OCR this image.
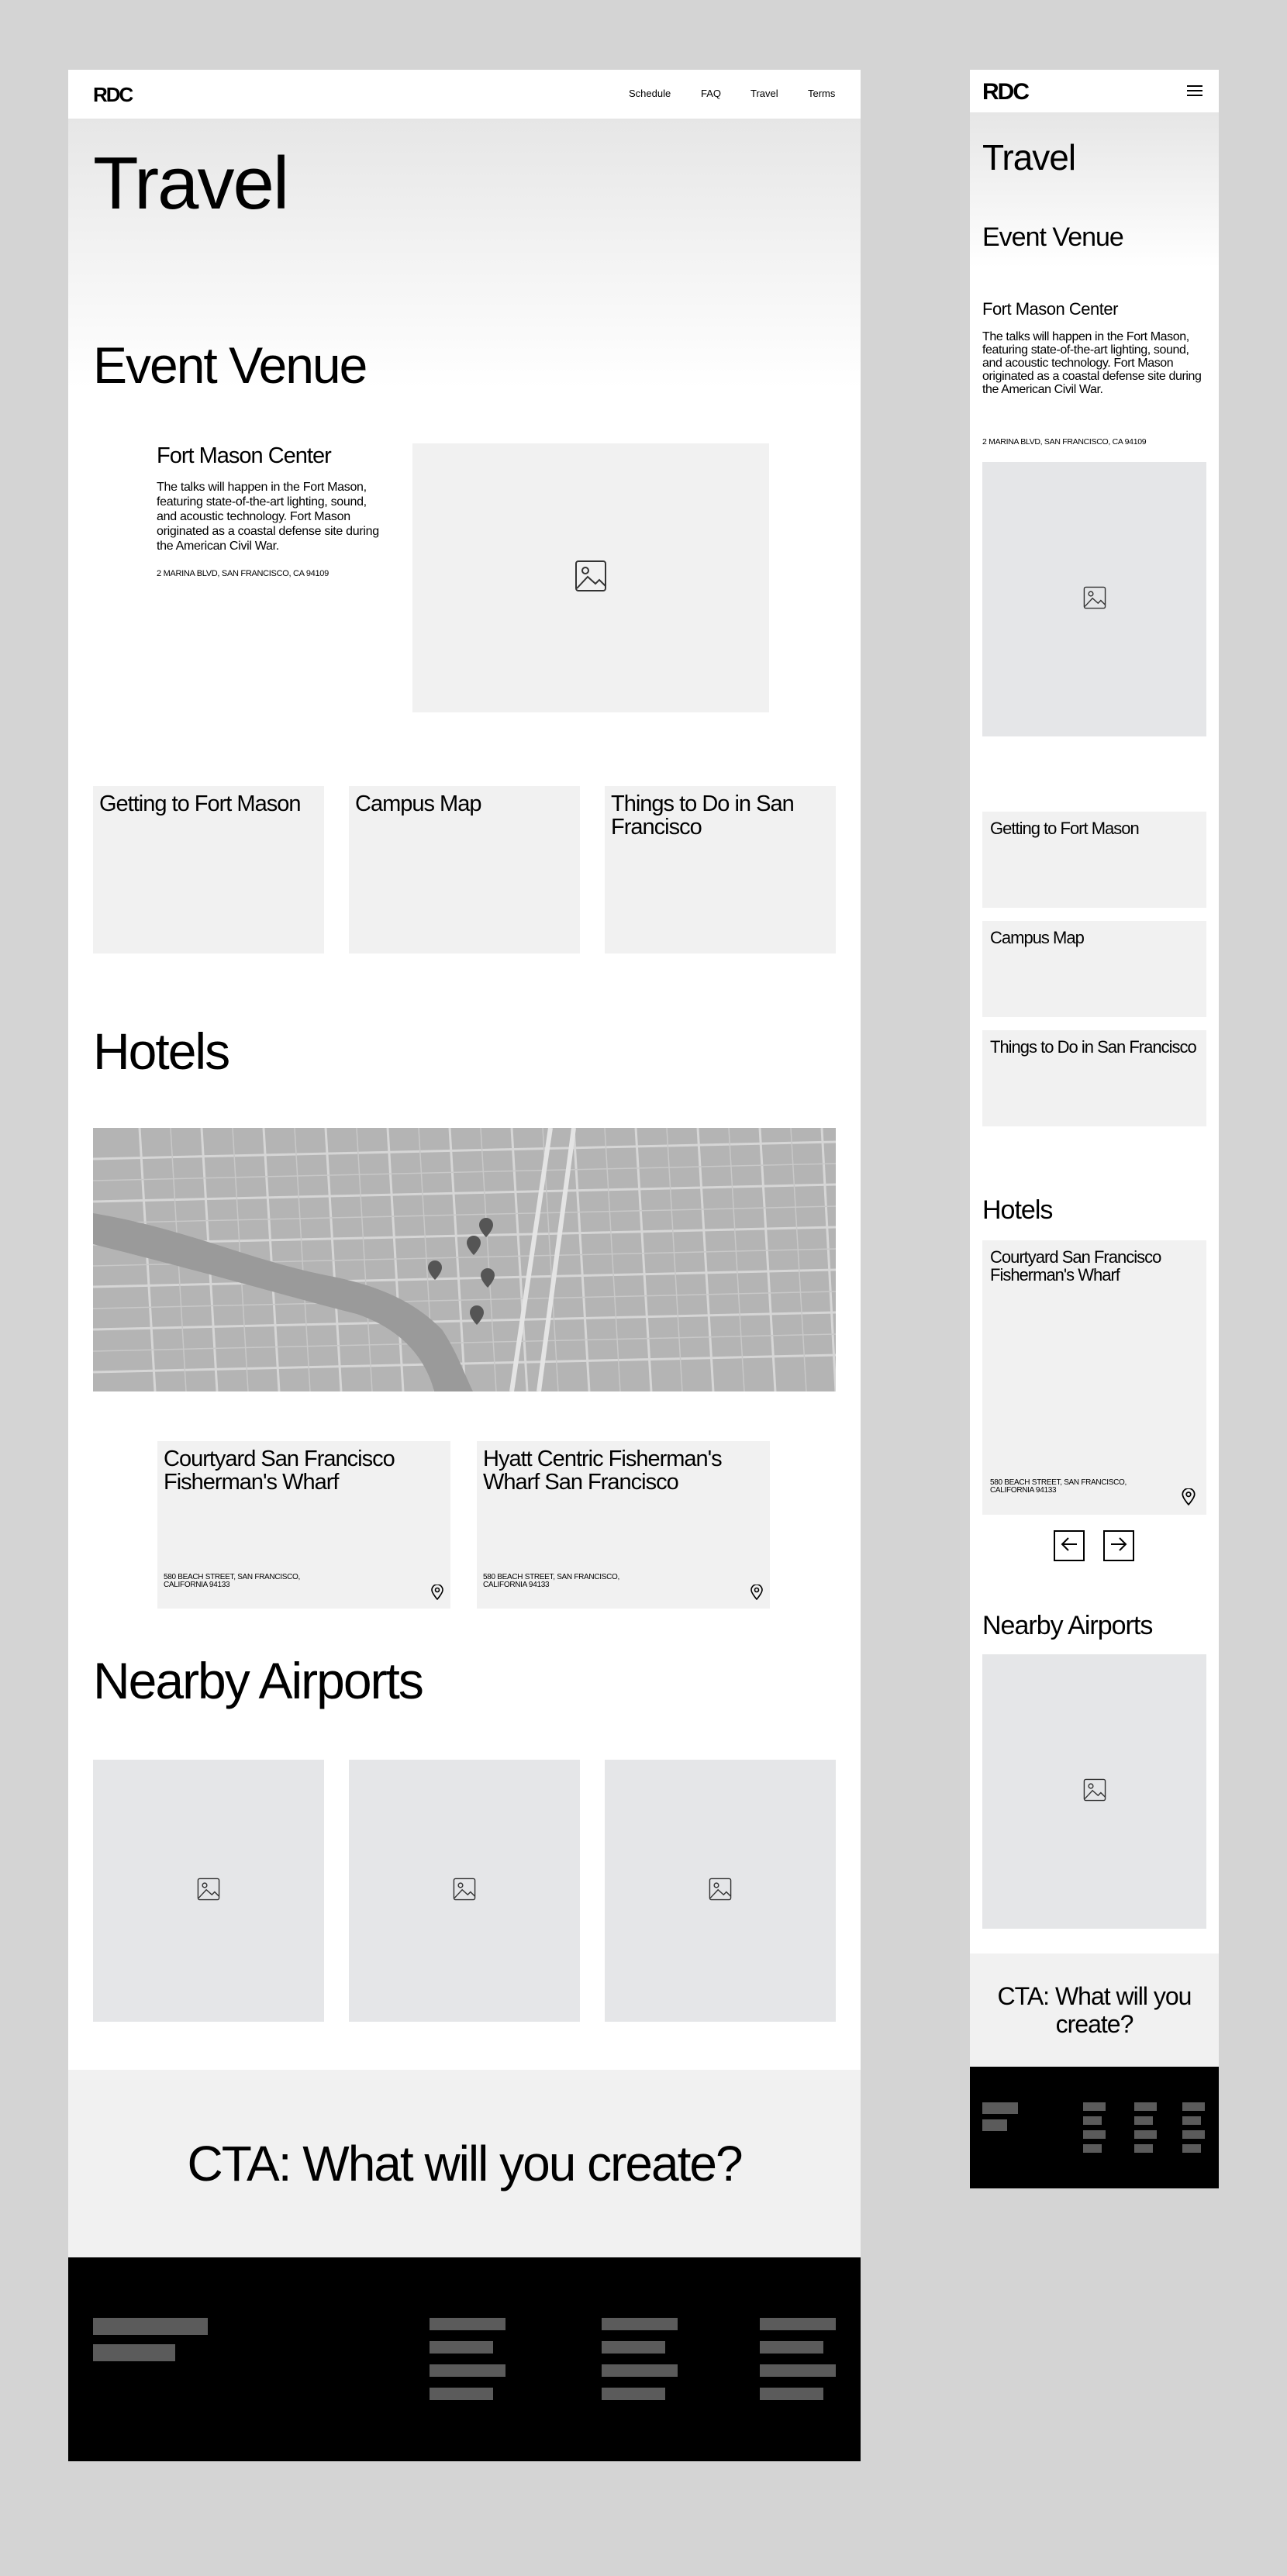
RDC	Schedule	FAQ	Travel	Terms
Travel
Event Venue
Fort Mason Center
The talks will happen in the Fort Mason, featuring state-of-the-art lighting, sound, and acoustic technology. Fort Mason originated as a coastal defense site during the American Civil War.
2 MARINA BLVD, SAN FRANCISCO, CA 94109
Getting to Fort Mason	Campus Map	Things to Do in San Francisco
Hotels
Courtyard San Francisco Fisherman's Wharf
580 BEACH STREET, SAN FRANCISCO, CALIFORNIA 94133
Hyatt Centric Fisherman's Wharf San Francisco
580 BEACH STREET, SAN FRANCISCO, CALIFORNIA 94133
Nearby Airports
CTA: What will you create?
RDC
Travel
Event Venue
Fort Mason Center
The talks will happen in the Fort Mason, featuring state-of-the-art lighting, sound, and acoustic technology. Fort Mason originated as a coastal defense site during the American Civil War.
2 MARINA BLVD, SAN FRANCISCO, CA 94109
Getting to Fort Mason
Campus Map
Things to Do in San Francisco
Hotels
Courtyard San Francisco Fisherman's Wharf
580 BEACH STREET, SAN FRANCISCO, CALIFORNIA 94133
Nearby Airports
CTA: What will you create?
